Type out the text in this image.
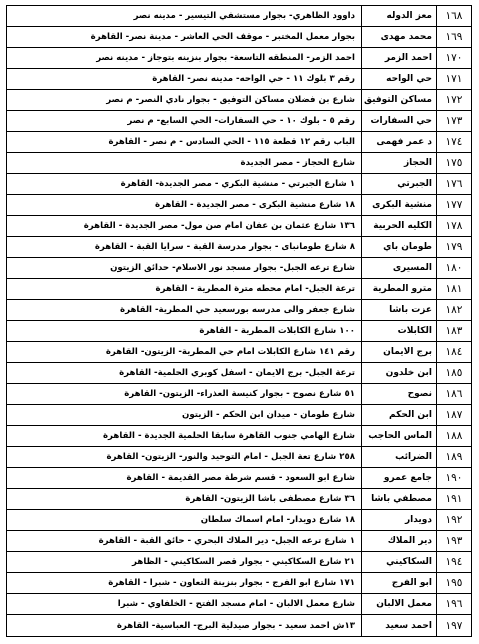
١٦٨
معز الدوله
داوود الظاهري- بجوار مستشفي التيسير - مدينه نصر
١٦٩
محمد مهدى
بجوار معمل المختبر - موقف الحي العاشر - مدينة نصر- القاهرة
١٧٠
احمد الزمر
احمد الزمر- المنطقه التاسعة- بجوار بنزينه بتوجاز - مدينه نصر
١٧١
حي الواحه
رقم ٣ بلوك ١١ - حي الواحه- مدينه نصر- القاهرة
١٧٢
مساكن التوفيق
شارع بن فضلان مساكن التوفيق - بجوار نادي النصر- م نصر
١٧٣
حي السفارات
رقم ٥ - بلوك ١٠ - حي السفارات- الحي السابع- م نصر
١٧٤
د عمر فهمى
الباب رقم ١٢ قطعة ١١٥ - الحي السادس - م نصر - القاهرة
١٧٥
الحجاز
شارع الحجاز - مصر الجديدة
١٧٦
الجبرتي
١ شارع الجبرتي - منشية البكري - مصر الجديدة- القاهرة
١٧٧
منشية البكرى
١٨ شارع منشية البكرى - مصر الجديدة - القاهرة
١٧٨
الكليه الحربية
١٣٦ شارع عثمان بن عفان امام صن مول- مصر الجديدة - القاهرة
١٧٩
طومان باي
٨ شارع طومانباى - بجوار مدرسة القبة - سرايا القبة - القاهرة
١٨٠
المسيرى
شارع ترعه الجبل- بجوار مسجد نور الاسلام- حدائق الزيتون
١٨١
مترو المطرية
ترعة الجبل- امام محطه مترة المطرية - القاهرة
١٨٢
عزت باشا
شارع جعفر والى مدرسه بورسعيد حي المطرية- القاهرة
١٨٣
الكابلات
١٠٠ شارع الكابلات المطرية - القاهرة
١٨٤
برج الايمان
رقم ١٤١ شارع الكابلات امام حي المطرية- الزيتون- القاهرة
١٨٥
ابن خلدون
ترعة الجبل- برج الايمان - اسفل كوبري الحلمية- القاهرة
١٨٦
نصوح
٥١ شارع نصوح - بجوار كنيسة العذراء- الزيتون- القاهرة
١٨٧
ابن الحكم
شارع طومان - ميدان ابن الحكم - الزيتون
١٨٨
الماس الحاجب
شارع الهامي جنوب القاهرة سابقا الحلمية الجديدة - القاهرة
١٨٩
الضرائب
٢٥٨ شارع تعة الجبل - امام التوحيد والنور- الزيتون- القاهرة
١٩٠
جامع عمرو
شارع ابو السعود - قسم شرطة مصر القديمة - القاهرة
١٩١
مصطفي باشا
٣٦ شارع مصطفى باشا الزيتون- القاهرة
١٩٢
دويدار
١٨ شارع دويدار- امام اسماك سلطان
١٩٣
دير الملاك
١ شارع ترعه الجبل- دير الملاك البحري - حائق القبة - القاهرة
١٩٤
السكاكيني
٢١ شارع السكاكيني - بجوار قصر السكاكيني - الظاهر
١٩٥
ابو الفرج
١٧١ شارع ابو الفرج - بجوار بنزينة التعاون - شبرا - القاهرة
١٩٦
معمل الالبان
شارع معمل الالبان - امام مسجد الفتح - الخلفاوي - شبرا
١٩٧
احمد سعيد
١٣ش احمد سعيد - بجوار صيدلية البرج- العباسية- القاهرة
